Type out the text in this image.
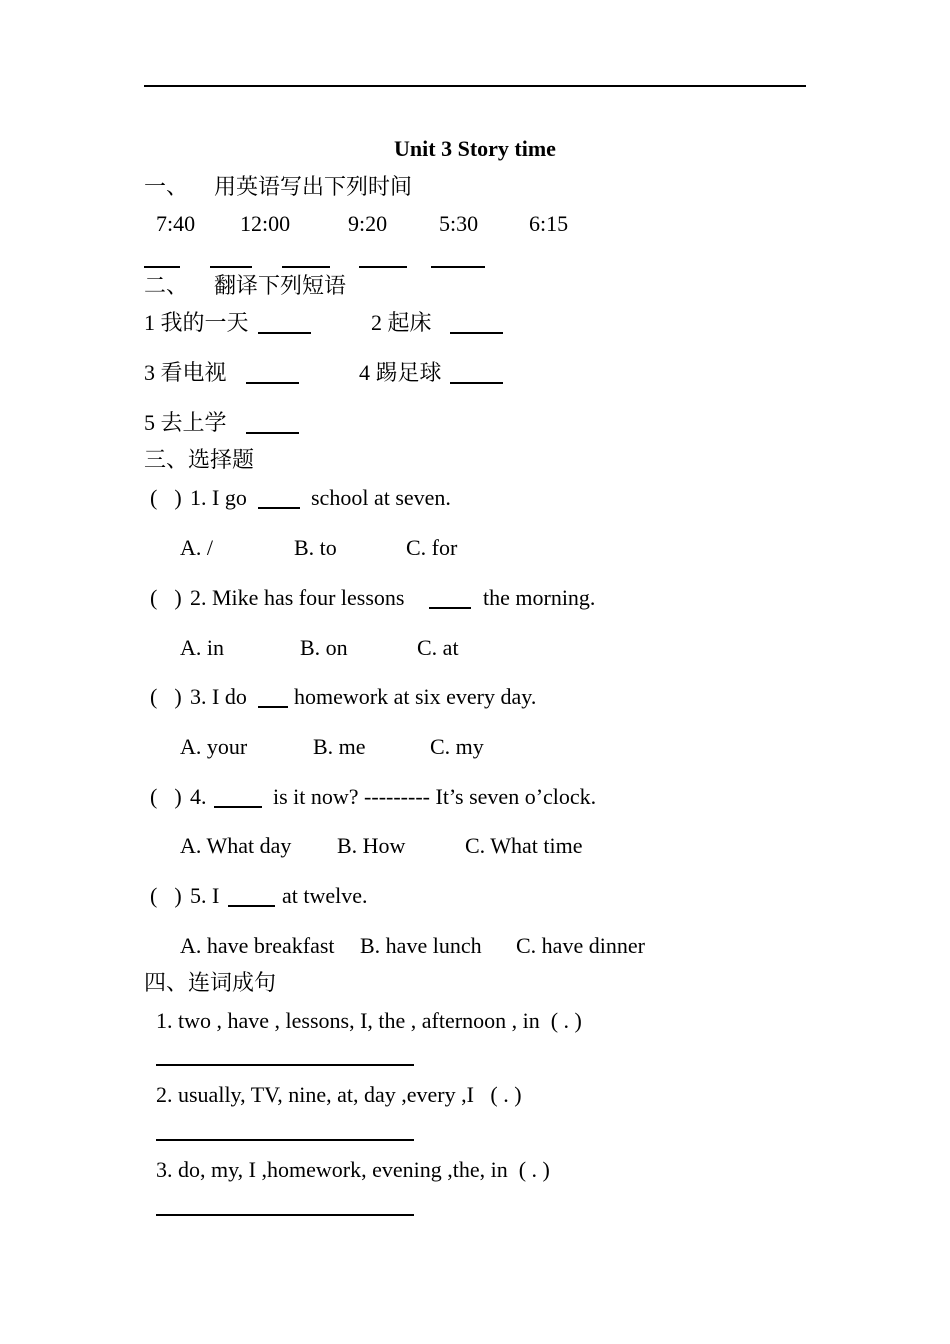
Unit 3 Story time
一、 用英语写出下列时间
7:40 12:00	9:20 5:30 6:15
二、 翻译下列短语
1 我的一天	2 起床
3 看电视	4 踢足球
5 去上学
三、选择题
(    ) 1. I go	school at seven.
A. /	B. to	C. for
(    ) 2. Mike has four lessons	the morning.
A. in	B. on	C. at
(    ) 3. I do homework at six every day.
A. your	B. me	C. my
(    ) 4.	is it now? --------- It’s seven o’clock.
A. What day B. How	C. What time
(    ) 5. I	at twelve.
A. have breakfast B. have lunch C. have dinner
四、连词成句
1. two , have , lessons, I, the , afternoon , in  ( . )
2. usually, TV, nine, at, day ,every ,I   ( . )
3. do, my, I ,homework, evening ,the, in  ( . )
